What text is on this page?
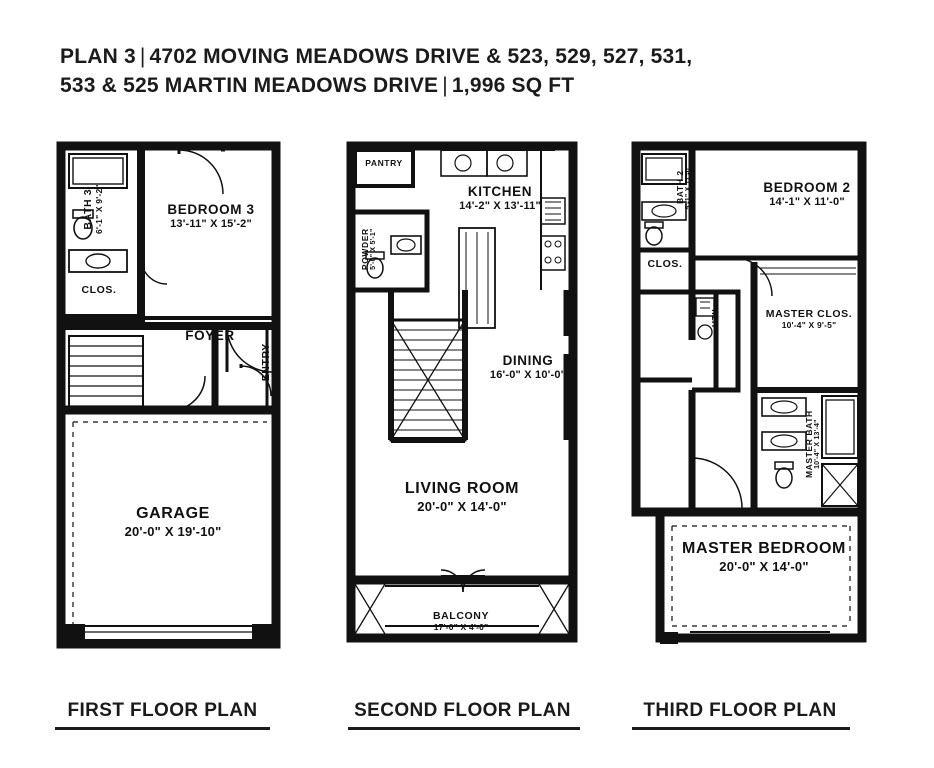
PLAN 3 | 4702 MOVING MEADOWS DRIVE & 523, 529, 527, 531,
533 & 525 MARTIN MEADOWS DRIVE | 1,996 SQ FT
BATH 3 6'-1" X 9'-2"	BEDROOM 3
13'-11" X 15'-2"
CLOS.
FOYER
ENTRY
GARAGE
20'-0" X 19'-10"
PANTRY
KITCHEN
14'-2" X 13'-11"
POWDER 5'-0" X 5'-1"
DINING
16'-0" X 10'-0"
LIVING ROOM
20'-0" X 14'-0"
BALCONY
17'-0" X 4'-0"
BATH 2 5'-1" X 11'-0"	BEDROOM 2
14'-1" X 11'-0"
CLOS.
UTIL.	MASTER CLOS.
10'-4" X 9'-5"
MASTER BATH 10'-4" X 13'-4"
MASTER BEDROOM
20'-0" X 14'-0"
FIRST FLOOR PLAN	SECOND FLOOR PLAN	THIRD FLOOR PLAN
